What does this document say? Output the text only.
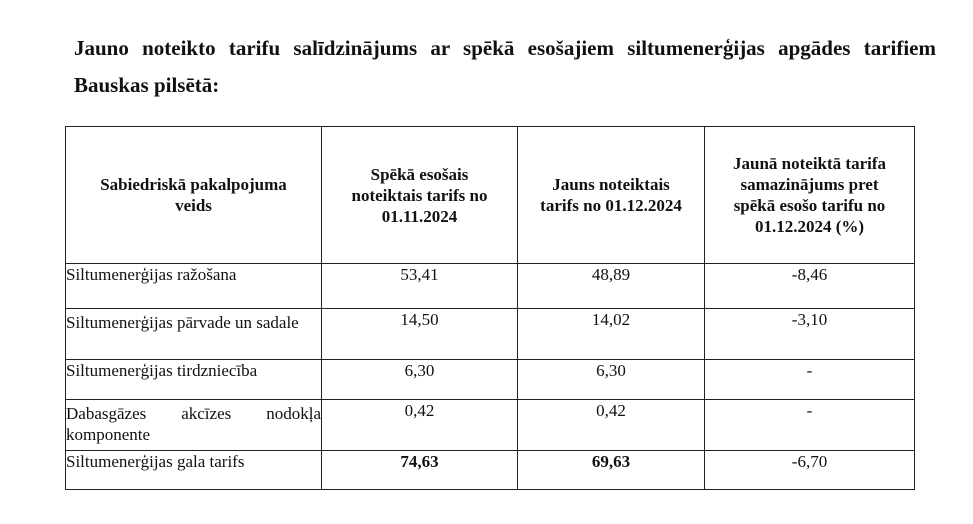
Jauno noteikto tarifu salīdzinājums ar spēkā esošajiem siltumenerģijas apgādes tarifiem Bauskas pilsētā:

Sabiedriskā pakalpojuma veids	Spēkā esošais noteiktais tarifs no 01.11.2024	Jauns noteiktais tarifs no 01.12.2024	Jaunā noteiktā tarifa samazinājums pret spēkā esošo tarifu no 01.12.2024 (%)
Siltumenerģijas ražošana	53,41	48,89	-8,46

Siltumenerģijas pārvade un sadale	14,50	14,02	-3,10
Siltumenerģijas tirdzniecība	6,30	6,30	-

Dabasgāzes akcīzes nodokļa komponente	0,42	0,42	-
Siltumenerģijas gala tarifs	74,63	69,63	-6,70
